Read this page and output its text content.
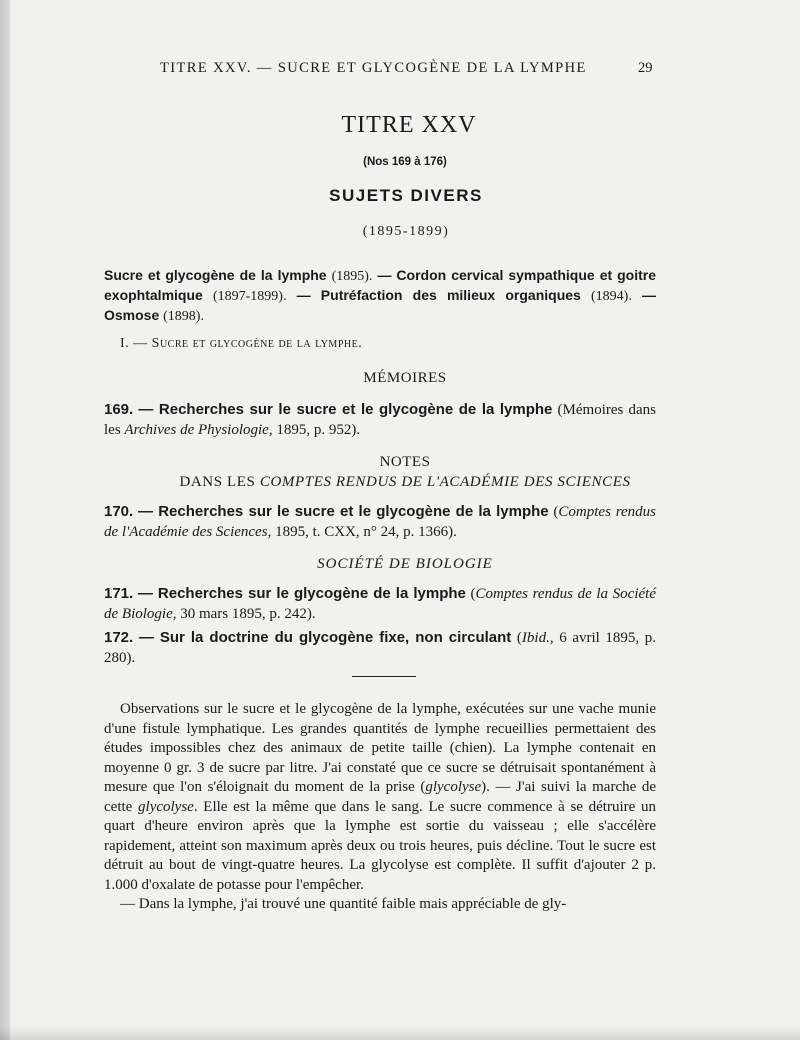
TITRE XXV. — SUCRE ET GLYCOGÈNE DE LA LYMPHE	29
TITRE XXV
(Nos 169 à 176)
SUJETS DIVERS
(1895-1899)
Sucre et glycogène de la lymphe (1895). — Cordon cervical sympathique et goitre exophtalmique (1897-1899). — Putréfaction des milieux organiques (1894). — Osmose (1898).
I. — Sucre et glycogène de la lymphe.
MÉMOIRES
169. — Recherches sur le sucre et le glycogène de la lymphe (Mémoires dans les Archives de Physiologie, 1895, p. 952).
NOTES
DANS LES COMPTES RENDUS DE L'ACADÉMIE DES SCIENCES
170. — Recherches sur le sucre et le glycogène de la lymphe (Comptes rendus de l'Académie des Sciences, 1895, t. CXX, n° 24, p. 1366).
SOCIÉTÉ DE BIOLOGIE
171. — Recherches sur le glycogène de la lymphe (Comptes rendus de la Société de Biologie, 30 mars 1895, p. 242).
172. — Sur la doctrine du glycogène fixe, non circulant (Ibid., 6 avril 1895, p. 280).

Observations sur le sucre et le glycogène de la lymphe, exécutées sur une vache munie d'une fistule lymphatique. Les grandes quantités de lymphe recueillies permettaient des études impossibles chez des animaux de petite taille (chien). La lymphe contenait en moyenne 0 gr. 3 de sucre par litre. J'ai constaté que ce sucre se détruisait spontanément à mesure que l'on s'éloignait du moment de la prise (glycolyse). — J'ai suivi la marche de cette glycolyse. Elle est la même que dans le sang. Le sucre commence à se détruire un quart d'heure environ après que la lymphe est sortie du vaisseau ; elle s'accélère rapidement, atteint son maximum après deux ou trois heures, puis décline. Tout le sucre est détruit au bout de vingt-quatre heures. La glycolyse est complète. Il suffit d'ajouter 2 p. 1.000 d'oxalate de potasse pour l'empêcher.

— Dans la lymphe, j'ai trouvé une quantité faible mais appréciable de gly-
